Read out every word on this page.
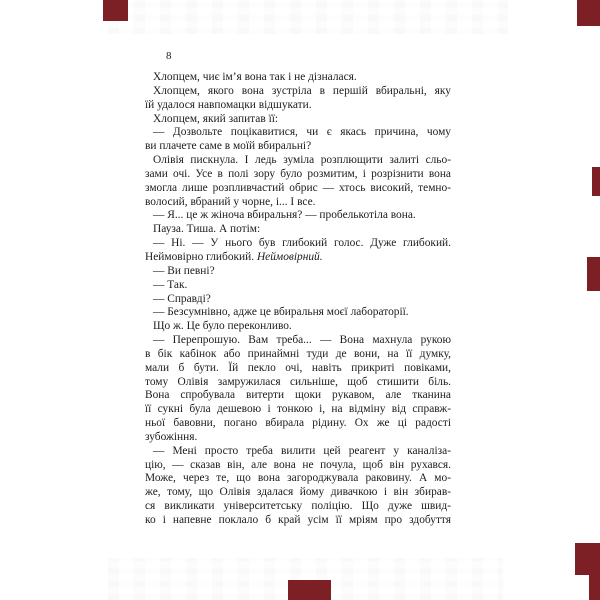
8
Хлопцем, чиє ім’я вона так і не дізналася.
Хлопцем, якого вона зустріла в першій вбиральні, яку
їй удалося навпомацки відшукати.
Хлопцем, який запитав її:
— Дозвольте поцікавитися, чи є якась причина, чому
ви плачете саме в моїй вбиральні?
Олівія пискнула. І ледь зуміла розплющити залиті сльо-
зами очі. Усе в полі зору було розмитим, і розрізнити вона
змогла лише розпливчастий обрис — хтось високий, темно-
волосий, вбраний у чорне, і... І все.
— Я... це ж жіноча вбиральня? — пробелькотіла вона.
Пауза. Тиша. А потім:
— Ні. — У нього був глибокий голос. Дуже глибокий.
Неймовірно глибокий. Неймовірний.
— Ви певні?
— Так.
— Справді?
— Безсумнівно, адже це вбиральня моєї лабораторії.
Що ж. Це було переконливо.
— Перепрошую. Вам треба... — Вона махнула рукою
в бік кабінок або принаймні туди де вони, на її думку,
мали б бути. Їй пекло очі, навіть прикриті повіками,
тому Олівія замружилася сильніше, щоб стишити біль.
Вона спробувала витерти щоки рукавом, але тканина
її сукні була дешевою і тонкою і, на відміну від справж-
ньої бавовни, погано вбирала рідину. Ох же ці радості
зубожіння.
— Мені просто треба вилити цей реагент у каналіза-
цію, — сказав він, але вона не почула, щоб він рухався.
Може, через те, що вона загороджувала раковину. А мо-
же, тому, що Олівія здалася йому дивачкою і він збирав-
ся викликати університетську поліцію. Що дуже швид-
ко і напевне поклало б край усім її мріям про здобуття
